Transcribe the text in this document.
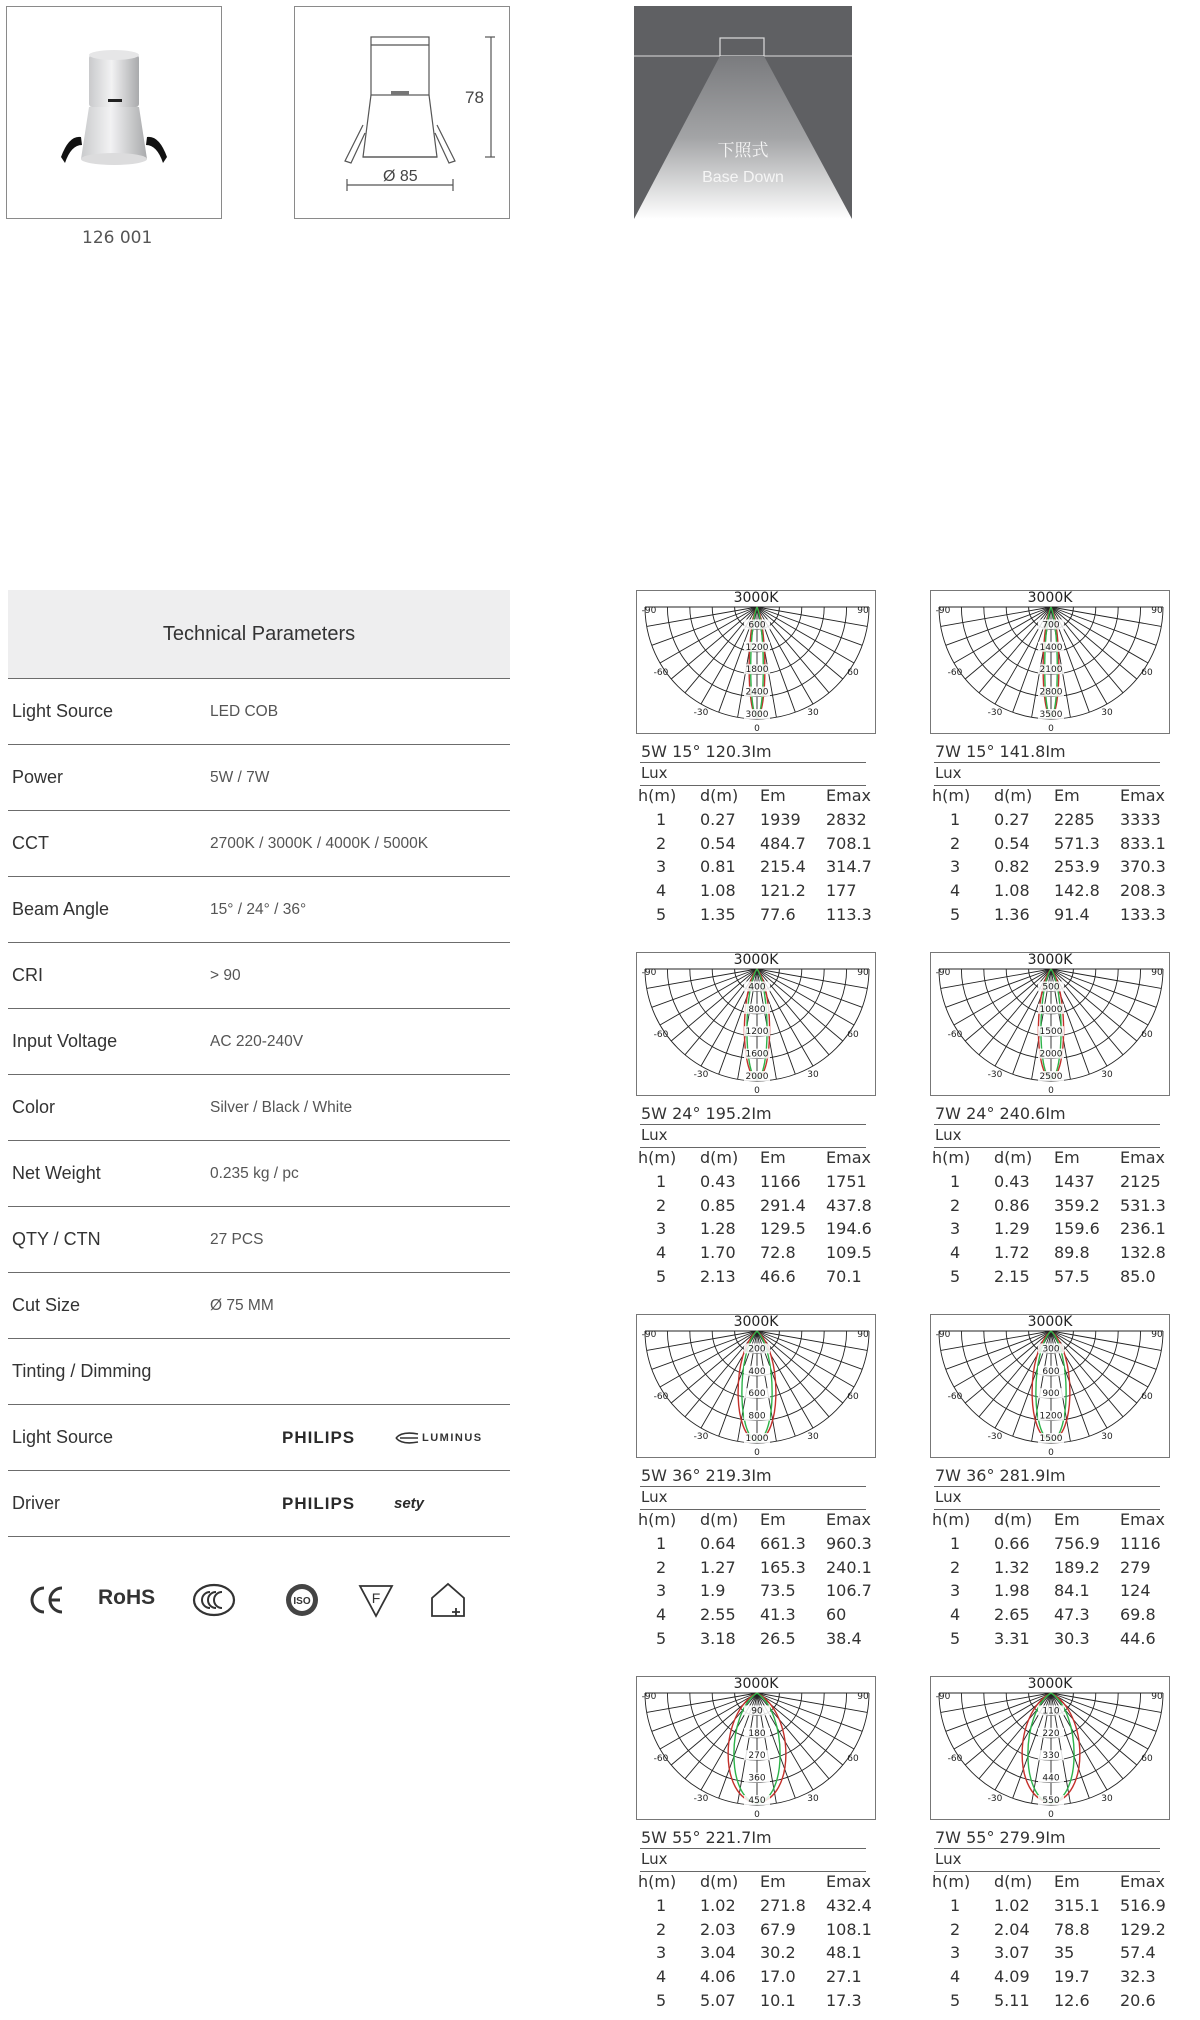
78
Ø 85
下照式
Base Down
126 001
Technical Parameters
Light Source	LED COB
Power	5W / 7W
CCT	2700K / 3000K / 4000K / 5000K
Beam Angle	15° / 24° / 36°
CRI	> 90
Input Voltage	AC 220-240V
Color	Silver / Black / White
Net Weight	0.235 kg / pc
QTY / CTN	27 PCS
Cut Size	Ø 75 MM
Tinting / Dimming
Light Source	PHILIPS	LUMINUS
Driver	PHILIPS	sety
RoHS	ISO	F
3000K
600
1200
1800
2400
3000
-90	90
-60	60
-30	30
0
5W 15° 120.3Im
Lux
h(m) d(m) Em	Emax
1 0.27 1939 2832
2 0.54 484.7 708.1
3 0.81 215.4 314.7
4 1.08 121.2 177
5 1.35 77.6 113.3
3000K
700
1400
2100
2800
3500
-90	90
-60	60
-30	30
0
7W 15° 141.8Im
Lux
h(m) d(m) Em	Emax
1 0.27 2285 3333
2 0.54 571.3 833.1
3 0.82 253.9 370.3
4 1.08 142.8 208.3
5 1.36 91.4 133.3
3000K
400
800
1200
1600
2000
-90	90
-60	60
-30	30
0
5W 24° 195.2Im
Lux
h(m) d(m) Em	Emax
1 0.43 1166 1751
2 0.85 291.4 437.8
3 1.28 129.5 194.6
4 1.70 72.8 109.5
5 2.13 46.6 70.1
3000K
500
1000
1500
2000
2500
-90	90
-60	60
-30	30
0
7W 24° 240.6Im
Lux
h(m) d(m) Em	Emax
1 0.43 1437 2125
2 0.86 359.2 531.3
3 1.29 159.6 236.1
4 1.72 89.8 132.8
5 2.15 57.5 85.0
3000K
200
400
600
800
1000
-90	90
-60	60
-30	30
0
5W 36° 219.3Im
Lux
h(m) d(m) Em	Emax
1 0.64 661.3 960.3
2 1.27 165.3 240.1
3 1.9 73.5 106.7
4 2.55 41.3 60
5 3.18 26.5 38.4
3000K
300
600
900
1200
1500
-90	90
-60	60
-30	30
0
7W 36° 281.9Im
Lux
h(m) d(m) Em	Emax
1 0.66 756.9 1116
2 1.32 189.2 279
3 1.98 84.1 124
4 2.65 47.3 69.8
5 3.31 30.3 44.6
3000K
90
180
270
360
450
-90	90
-60	60
-30	30
0
5W 55° 221.7Im
Lux
h(m) d(m) Em	Emax
1 1.02 271.8 432.4
2 2.03 67.9 108.1
3 3.04 30.2 48.1
4 4.06 17.0 27.1
5 5.07 10.1 17.3
3000K
110
220
330
440
550
-90	90
-60	60
-30	30
0
7W 55° 279.9Im
Lux
h(m) d(m) Em	Emax
1 1.02 315.1 516.9
2 2.04 78.8 129.2
3 3.07 35	57.4
4 4.09 19.7 32.3
5 5.11 12.6 20.6
